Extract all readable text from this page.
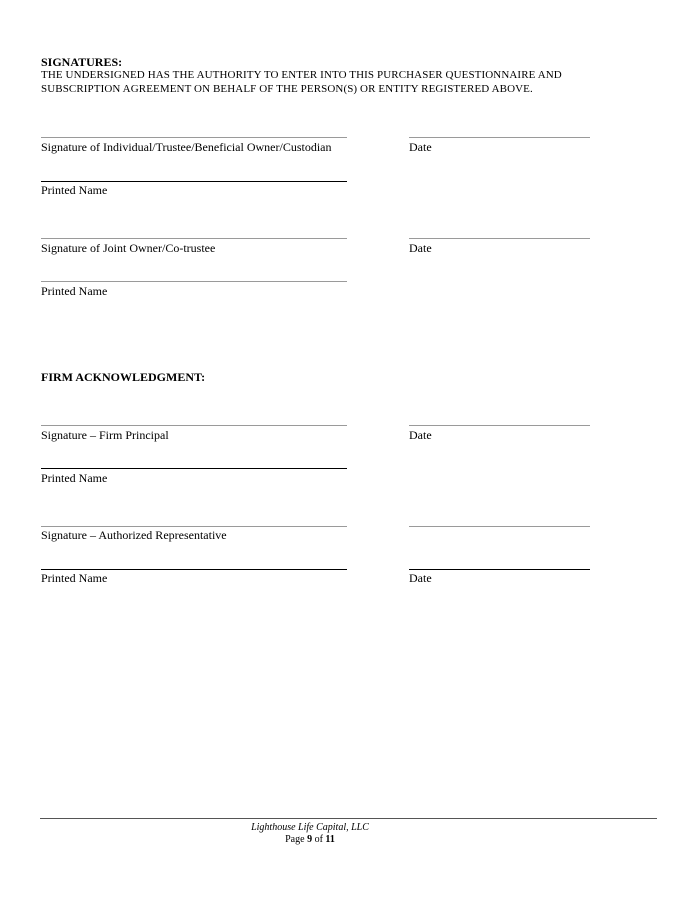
SIGNATURES:
THE UNDERSIGNED HAS THE AUTHORITY TO ENTER INTO THIS PURCHASER QUESTIONNAIRE AND
SUBSCRIPTION AGREEMENT ON BEHALF OF THE PERSON(S) OR ENTITY REGISTERED ABOVE.
Signature of Individual/Trustee/Beneficial Owner/Custodian	Date
Printed Name
Signature of Joint Owner/Co-trustee	Date
Printed Name
FIRM ACKNOWLEDGMENT:
Signature – Firm Principal	Date
Printed Name
Signature – Authorized Representative
Printed Name	Date
Lighthouse Life Capital, LLC
Page 9 of 11
